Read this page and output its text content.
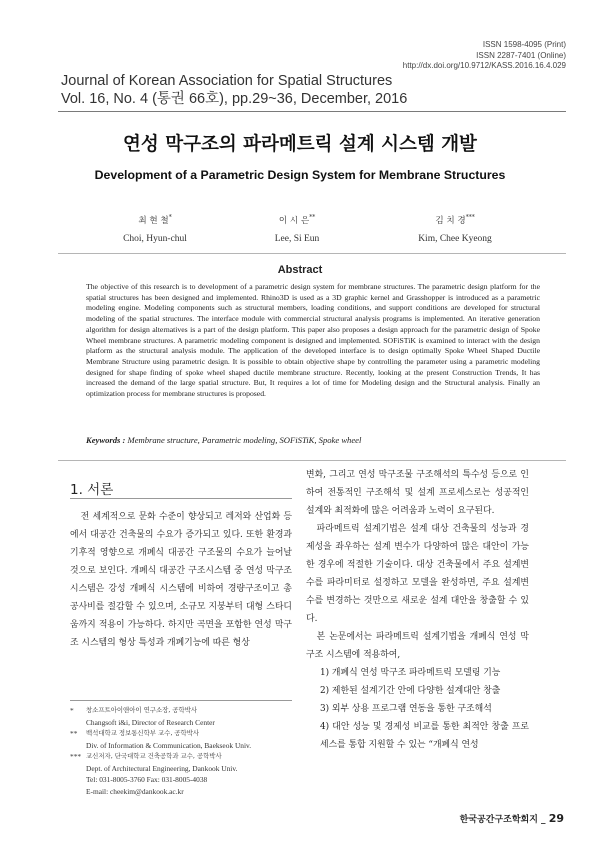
ISSN 1598-4095 (Print)
ISSN 2287-7401 (Online)
http://dx.doi.org/10.9712/KASS.2016.16.4.029
Journal of Korean Association for Spatial Structures
Vol. 16, No. 4 (통권 66호), pp.29~36, December, 2016
연성 막구조의 파라메트릭 설계 시스템 개발
Development of a Parametric Design System for Membrane Structures
최 현 철*
Choi, Hyun-chul
이 시 은**
Lee, Si Eun
김 치 경***
Kim, Chee Kyeong
Abstract
The objective of this research is to development of a parametric design system for membrane structures. The parametric design platform for the spatial structures has been designed and implemented. Rhino3D is used as a 3D graphic kernel and Grasshopper is introduced as a parametric modeling engine. Modeling components such as structural members, loading conditions, and support conditions are developed for structural modeling of the spatial structures. The interface module with commercial structural analysis programs is implemented. An iterative generation algorithm for design alternatives is a part of the design platform. This paper also proposes a design approach for the parametric design of Spoke Wheel membrane structures. A parametric modeling component is designed and implemented. SOFiSTiK is examined to interact with the design platform as the structural analysis module. The application of the developed interface is to design optimally Spoke Wheel Shaped Ductile Membrane Structure using parametric design. It is possible to obtain objective shape by controlling the parameter using a parametric modeling designed for shape finding of spoke wheel shaped ductile membrane structure. Recently, looking at the present Construction Trends, It has increased the demand of the large spatial structure. But, It requires a lot of time for Modeling design and the Structural analysis. Finally an optimization process for membrane structures is proposed.
Keywords : Membrane structure, Parametric modeling, SOFiSTiK, Spoke wheel
1. 서론

전 세계적으로 문화 수준이 향상되고 레저와 산업화 등에서 대공간 건축물의 수요가 증가되고 있다. 또한 환경과 기후적 영향으로 개폐식 대공간 구조물의 수요가 늘어날 것으로 보인다. 개폐식 대공간 구조시스템 중 연성 막구조 시스템은 강성 개폐식 시스템에 비하여 경량구조이고 총 공사비를 절감할 수 있으며, 소규모 지붕부터 대형 스타디움까지 적용이 가능하다. 하지만 곡면을 포함한 연성 막구조 시스템의 형상 특성과 개폐기능에 따른 형상

변화, 그리고 연성 막구조물 구조해석의 특수성 등으로 인하여 전통적인 구조해석 및 설계 프로세스로는 성공적인 설계와 최적화에 많은 어려움과 노력이 요구된다.

파라메트릭 설계기법은 설계 대상 건축물의 성능과 경제성을 좌우하는 설계 변수가 다양하여 많은 대안이 가능한 경우에 적절한 기술이다. 대상 건축물에서 주요 설계변수를 파라미터로 설정하고 모델을 완성하면, 주요 설계변수를 변경하는 것만으로 새로운 설계 대안을 창출할 수 있다.

본 논문에서는 파라메트릭 설계기법을 개폐식 연성 막구조 시스템에 적용하여,

1) 개폐식 연성 막구조 파라메트릭 모델링 기능
2) 제한된 설계기간 안에 다양한 설계대안 창출
3) 외부 상용 프로그램 연동을 통한 구조해석
4) 대안 성능 및 경제성 비교를 통한 최적안 창출 프로세스를 통합 지원할 수 있는 “개폐식 연성
* 창소프트아이앤아이 연구소장, 공학박사
Changsoft i&i, Director of Research Center
** 백석대학교 정보통신학부 교수, 공학박사
Div. of Information & Communication, Baekseok Univ.
*** 교신저자, 단국대학교 건축공학과 교수, 공학박사
Dept. of Architectural Engineering, Dankook Univ.
Tel: 031-8005-3760 Fax: 031-8005-4038
E-mail: cheekim@dankook.ac.kr
한국공간구조학회지 _ 29
